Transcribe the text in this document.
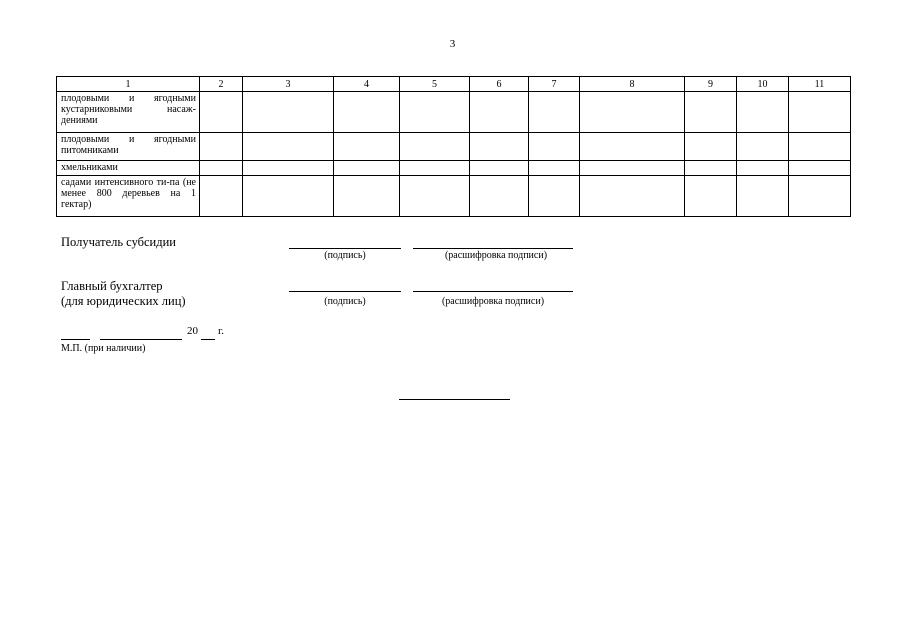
3
1	2	3	4	5	6	7	8	9	10	11
плодовыми и ягодными кустарниковыми насаж-дениями										
плодовыми и ягодными питомниками										
хмельниками										
садами интенсивного ти-па (не менее 800 деревьев на 1 гектар)										
Получатель субсидии
(подпись)	(расшифровка подписи)
Главный бухгалтер
(для юридических лиц)	(подпись)	(расшифровка подписи)
20 г.
М.П. (при наличии)
